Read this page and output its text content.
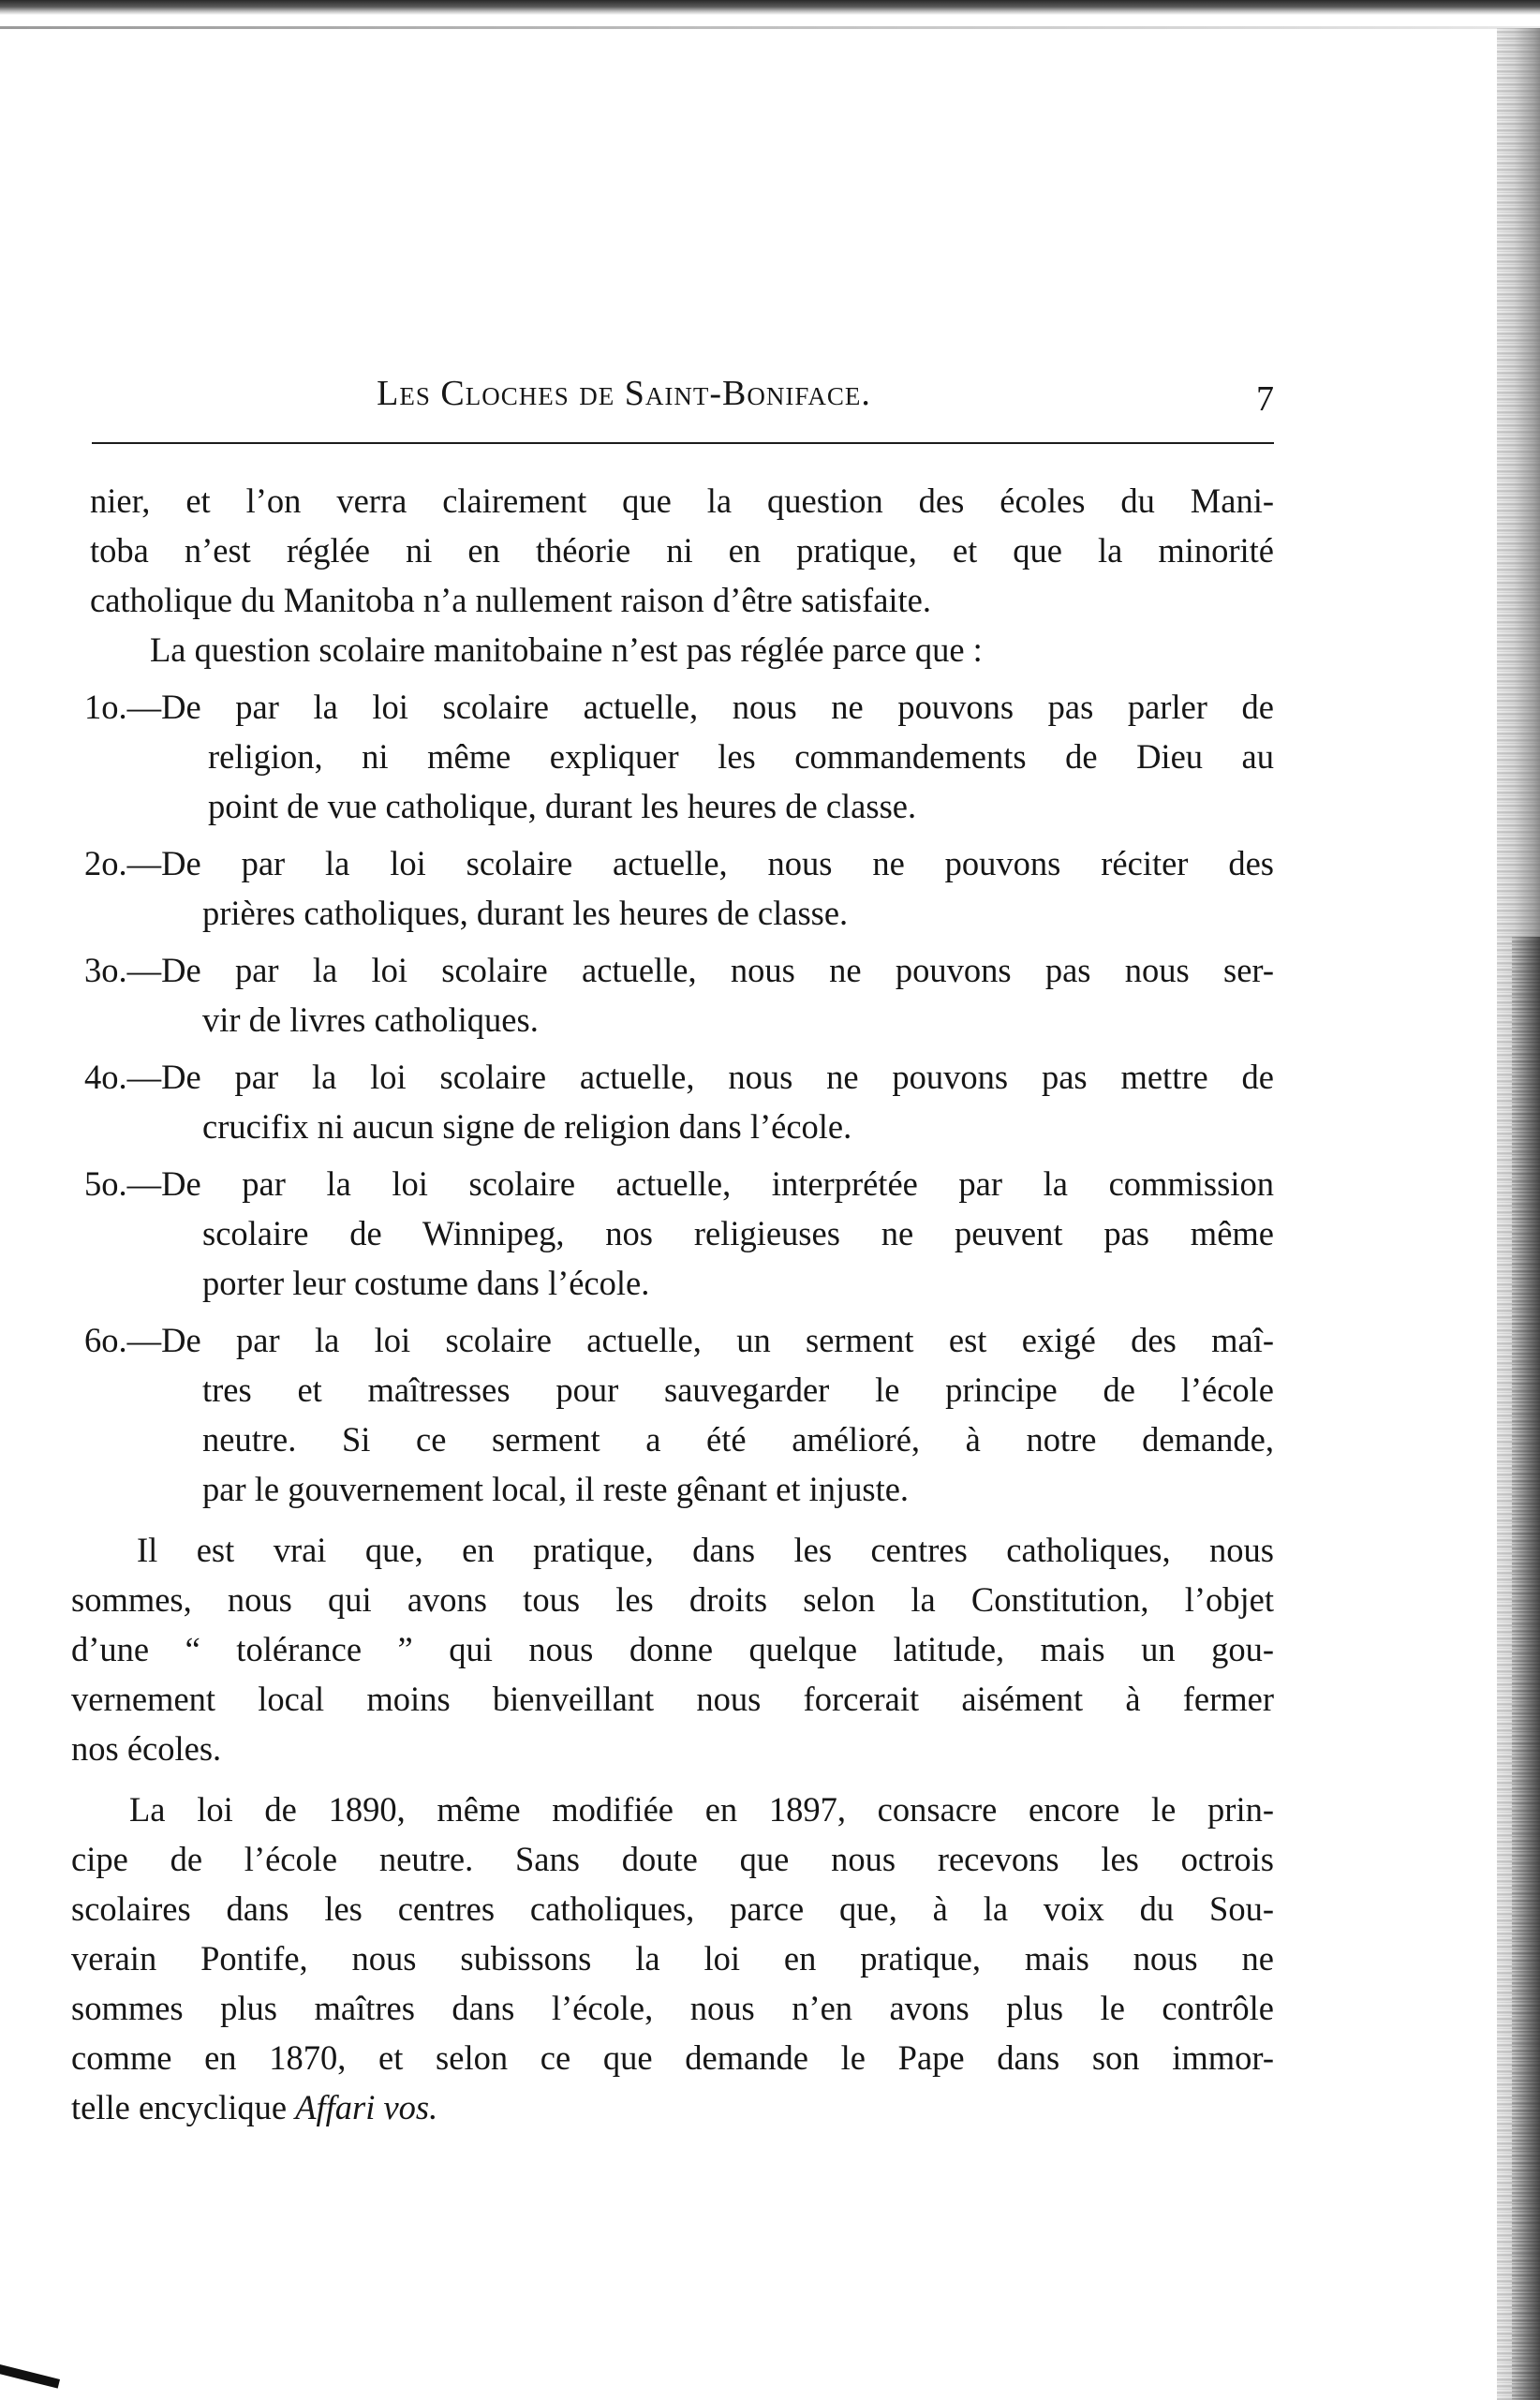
Les Cloches de Saint-Boniface.	7
nier, et l’on verra clairement que la question des écoles du Mani-
toba n’est réglée ni en théorie ni en pratique, et que la minorité
catholique du Manitoba n’a nullement raison d’être satisfaite.
La question scolaire manitobaine n’est pas réglée parce que :
1o.—De par la loi scolaire actuelle, nous ne pouvons pas parler de
religion, ni même expliquer les commandements de Dieu au
point de vue catholique, durant les heures de classe.
2o.—De par la loi scolaire actuelle, nous ne pouvons réciter des
prières catholiques, durant les heures de classe.
3o.—De par la loi scolaire actuelle, nous ne pouvons pas nous ser-
vir de livres catholiques.
4o.—De par la loi scolaire actuelle, nous ne pouvons pas mettre de
crucifix ni aucun signe de religion dans l’école.
5o.—De par la loi scolaire actuelle, interprétée par la commission
scolaire de Winnipeg, nos religieuses ne peuvent pas même
porter leur costume dans l’école.
6o.—De par la loi scolaire actuelle, un serment est exigé des maî-
tres et maîtresses pour sauvegarder le principe de l’école
neutre. Si ce serment a été amélioré, à notre demande,
par le gouvernement local, il reste gênant et injuste.
Il est vrai que, en pratique, dans les centres catholiques, nous
sommes, nous qui avons tous les droits selon la Constitution, l’objet
d’une “ tolérance ” qui nous donne quelque latitude, mais un gou-
vernement local moins bienveillant nous forcerait aisément à fermer
nos écoles.
La loi de 1890, même modifiée en 1897, consacre encore le prin-
cipe de l’école neutre. Sans doute que nous recevons les octrois
scolaires dans les centres catholiques, parce que, à la voix du Sou-
verain Pontife, nous subissons la loi en pratique, mais nous ne
sommes plus maîtres dans l’école, nous n’en avons plus le contrôle
comme en 1870, et selon ce que demande le Pape dans son immor-
telle encyclique Affari vos.
